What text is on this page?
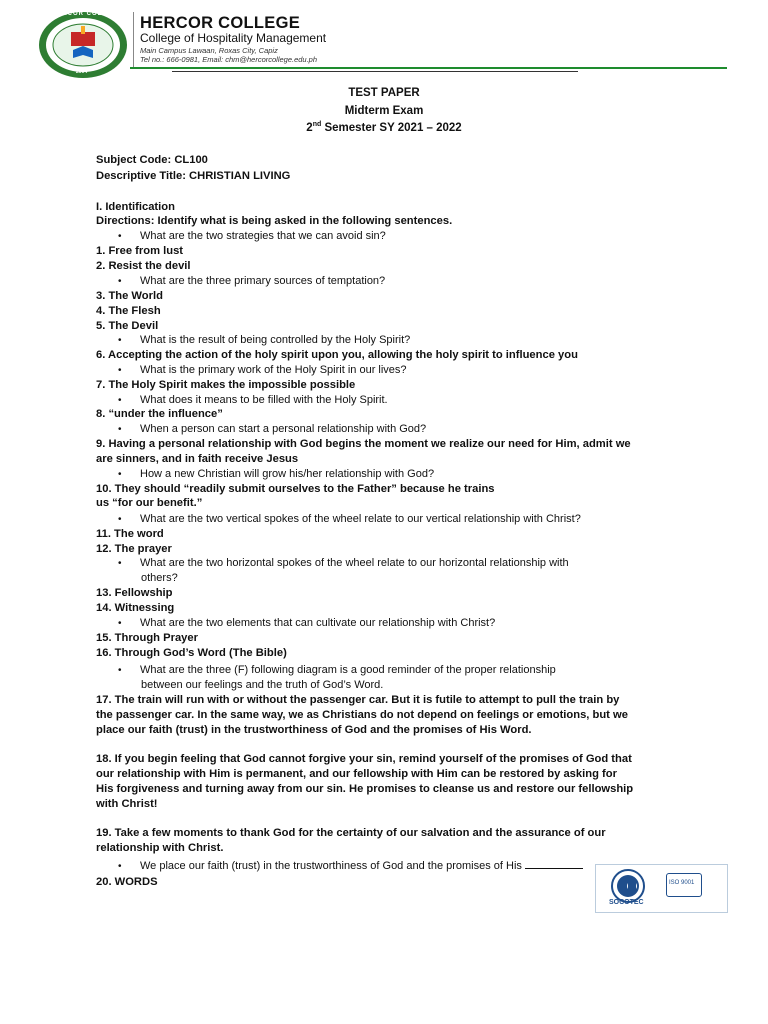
HERCOR COLLEGE
2004
HERCOR COLLEGE
College of Hospitality Management
Main Campus Lawaan, Roxas City, Capiz
Tel no.: 666-0981, Email: chm@hercorcollege.edu.ph
TEST PAPER
Midterm Exam
2nd Semester SY 2021 – 2022
Subject Code: CL100
Descriptive Title: CHRISTIAN LIVING
I. Identification
Directions: Identify what is being asked in the following sentences.
• What are the two strategies that we can avoid sin?
1. Free from lust
2. Resist the devil
• What are the three primary sources of temptation?
3. The World
4. The Flesh
5. The Devil
• What is the result of being controlled by the Holy Spirit?
6. Accepting the action of the holy spirit upon you, allowing the holy spirit to influence you
• What is the primary work of the Holy Spirit in our lives?
7. The Holy Spirit makes the impossible possible
• What does it means to be filled with the Holy Spirit.
8. “under the influence”
• When a person can start a personal relationship with God?
9. Having a personal relationship with God begins the moment we realize our need for Him, admit we
are sinners, and in faith receive Jesus
• How a new Christian will grow his/her relationship with God?
10. They should “readily submit ourselves to the Father” because he trains
us “for our benefit.”
• What are the two vertical spokes of the wheel relate to our vertical relationship with Christ?
11. The word
12. The prayer
• What are the two horizontal spokes of the wheel relate to our horizontal relationship with
others?
13. Fellowship
14. Witnessing
• What are the two elements that can cultivate our relationship with Christ?
15. Through Prayer
16. Through God’s Word (The Bible)
• What are the three (F) following diagram is a good reminder of the proper relationship
between our feelings and the truth of God’s Word.
17. The train will run with or without the passenger car. But it is futile to attempt to pull the train by
the passenger car. In the same way, we as Christians do not depend on feelings or emotions, but we
place our faith (trust) in the trustworthiness of God and the promises of His Word.
18. If you begin feeling that God cannot forgive your sin, remind yourself of the promises of God that
our relationship with Him is permanent, and our fellowship with Him can be restored by asking for
His forgiveness and turning away from our sin. He promises to cleanse us and restore our fellowship
with Christ!
19. Take a few moments to thank God for the certainty of our salvation and the assurance of our
relationship with Christ.
• We place our faith (trust) in the trustworthiness of God and the promises of His
20. WORDS
SOCOTEC
ISO 9001
